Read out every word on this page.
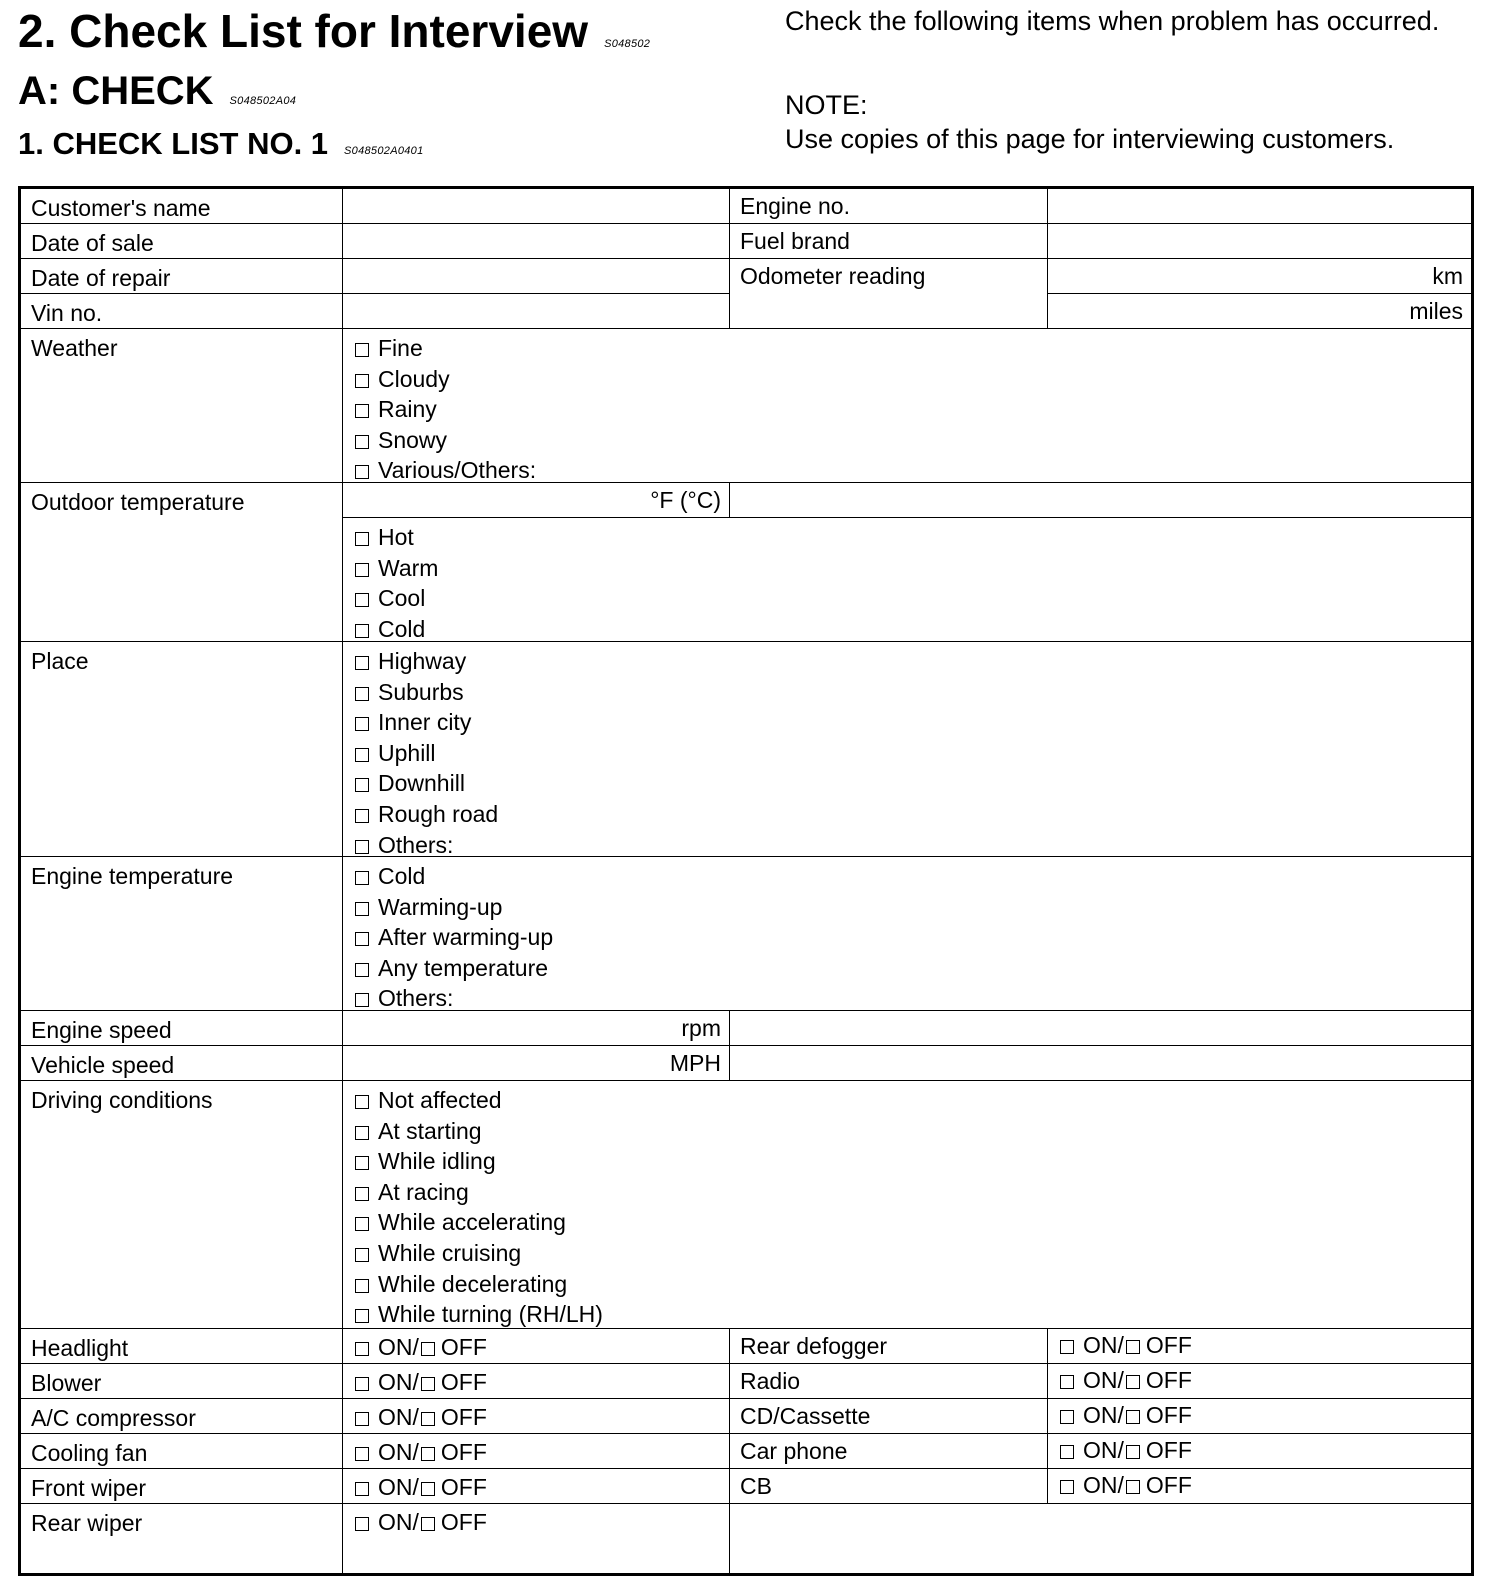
2. Check List for Interview S048502
A: CHECK S048502A04
1. CHECK LIST NO. 1 S048502A0401
Check the following items when problem has occurred.
NOTE:
Use copies of this page for interviewing customers.
Customer's name	Engine no.
Date of sale	Fuel brand
Date of repair	Odometer reading	km
Vin no.	miles
Weather	Fine
Cloudy
Rainy
Snowy
Various/Others:
Outdoor temperature	°F (°C)
Hot
Warm
Cool
Cold
Place	Highway
Suburbs
Inner city
Uphill
Downhill
Rough road
Others:
Engine temperature	Cold
Warming-up
After warming-up
Any temperature
Others:
Engine speed	rpm
Vehicle speed	MPH
Driving conditions	Not affected
At starting
While idling
At racing
While accelerating
While cruising
While decelerating
While turning (RH/LH)
Headlight	ON/ OFF	Rear defogger	ON/ OFF
Blower	ON/ OFF	Radio	ON/ OFF
A/C compressor	ON/ OFF	CD/Cassette	ON/ OFF
Cooling fan	ON/ OFF	Car phone	ON/ OFF
Front wiper	ON/ OFF	CB	ON/ OFF
Rear wiper	ON/ OFF
